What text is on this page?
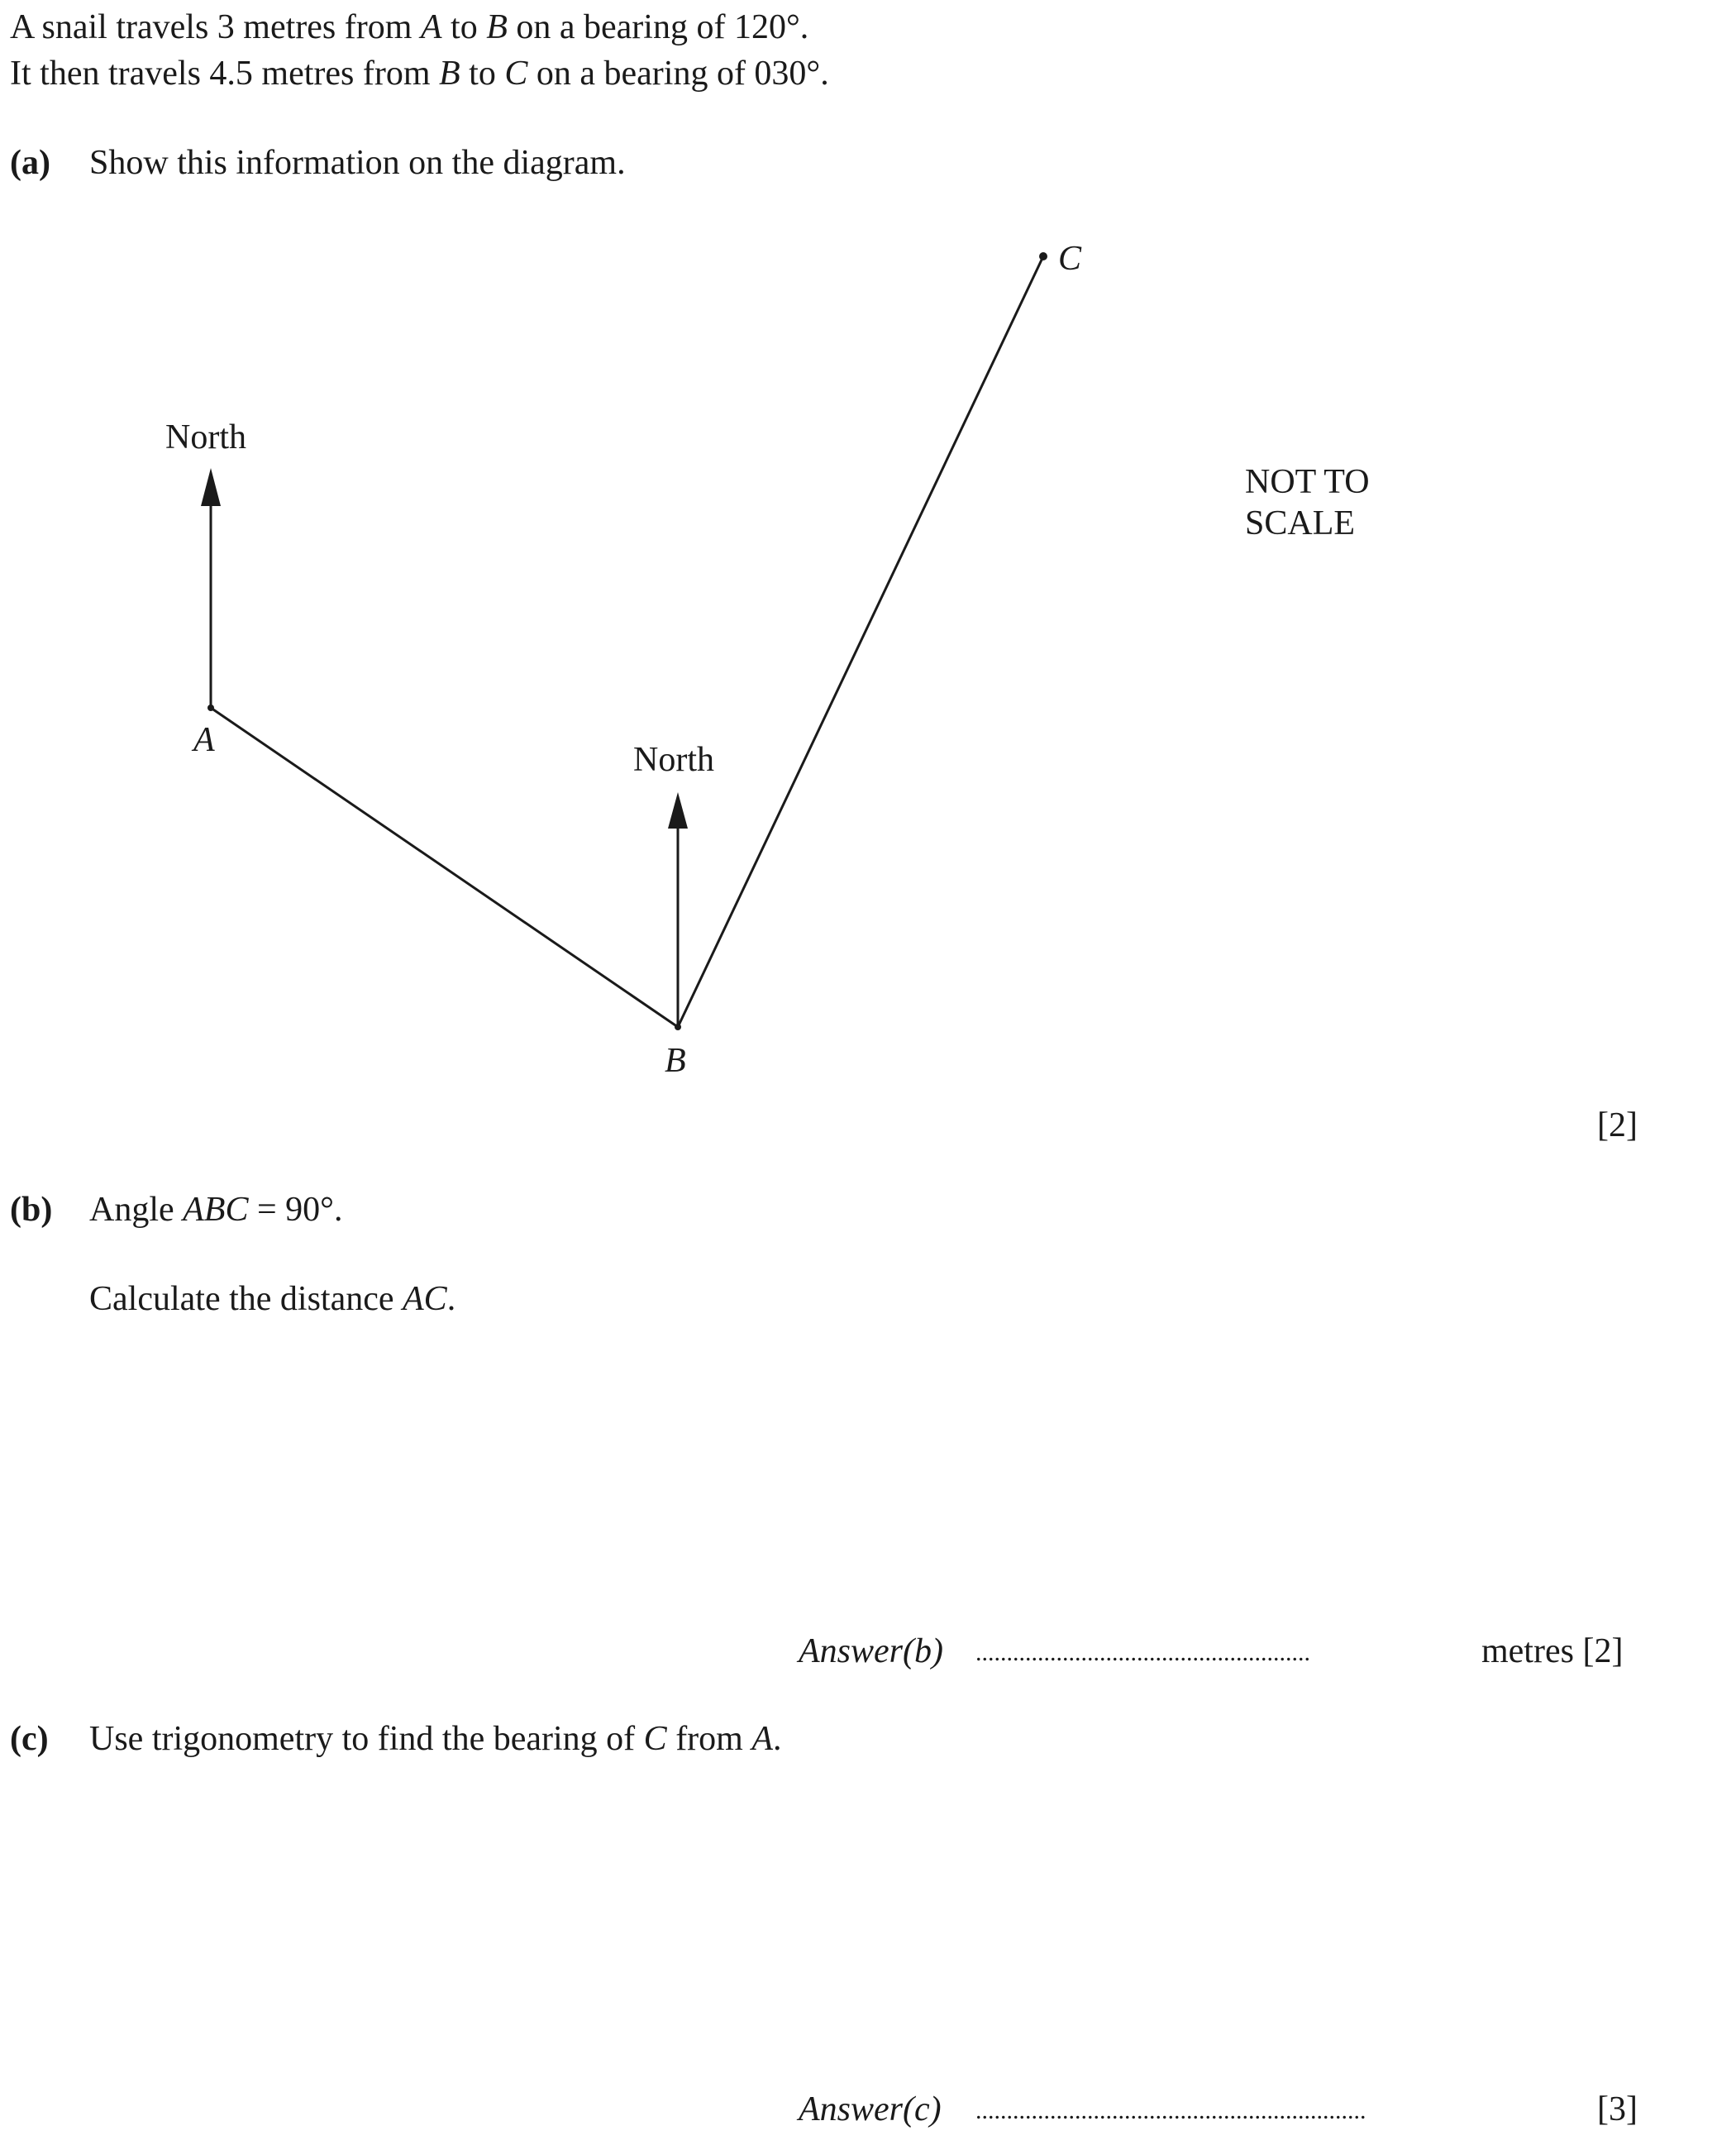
A snail travels 3 metres from A to B on a bearing of 120°.
It then travels 4.5 metres from B to C on a bearing of 030°.
(a) Show this information on the diagram.
North
North
A
B
C
NOT TO
SCALE
[2]
(b) Angle ABC = 90°.
Calculate the distance AC.
Answer(b) ......................................................	metres [2]
(c) Use trigonometry to find the bearing of C from A.
Answer(c) ...............................................................	[3]
